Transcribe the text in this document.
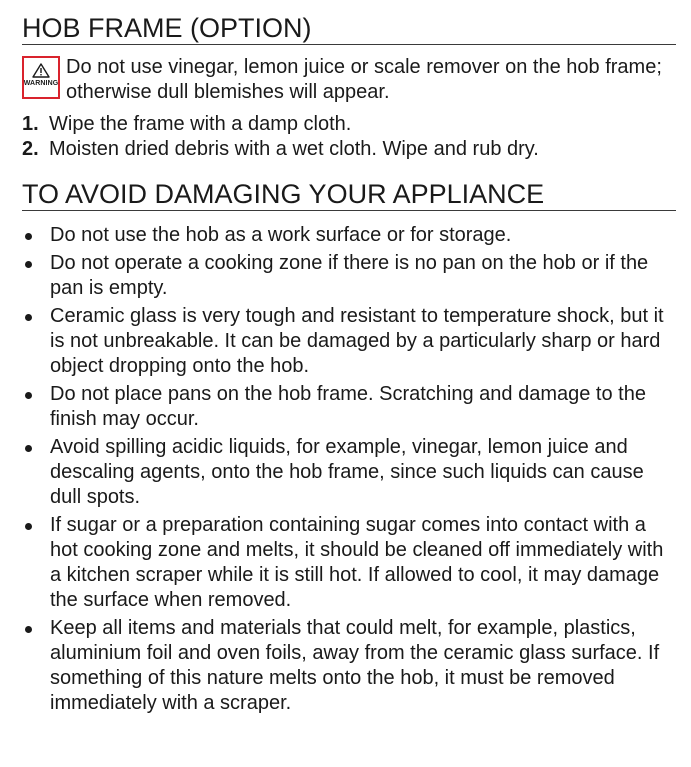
HOB FRAME (OPTION)
WARNING
Do not use vinegar, lemon juice or scale remover on the hob frame; otherwise dull blemishes will appear.
1. Wipe the frame with a damp cloth.
2. Moisten dried debris with a wet cloth. Wipe and rub dry.
TO AVOID DAMAGING YOUR APPLIANCE
Do not use the hob as a work surface or for storage.
Do not operate a cooking zone if there is no pan on the hob or if the pan is empty.
Ceramic glass is very tough and resistant to temperature shock, but it is not unbreakable. It can be damaged by a particularly sharp or hard object dropping onto the hob.
Do not place pans on the hob frame. Scratching and damage to the finish may occur.
Avoid spilling acidic liquids, for example, vinegar, lemon juice and descaling agents, onto the hob frame, since such liquids can cause dull spots.
If sugar or a preparation containing sugar comes into contact with a hot cooking zone and melts, it should be cleaned off immediately with a kitchen scraper while it is still hot. If allowed to cool, it may damage the surface when removed.
Keep all items and materials that could melt, for example, plastics, aluminium foil and oven foils, away from the ceramic glass surface. If something of this nature melts onto the hob, it must be removed immediately with a scraper.
